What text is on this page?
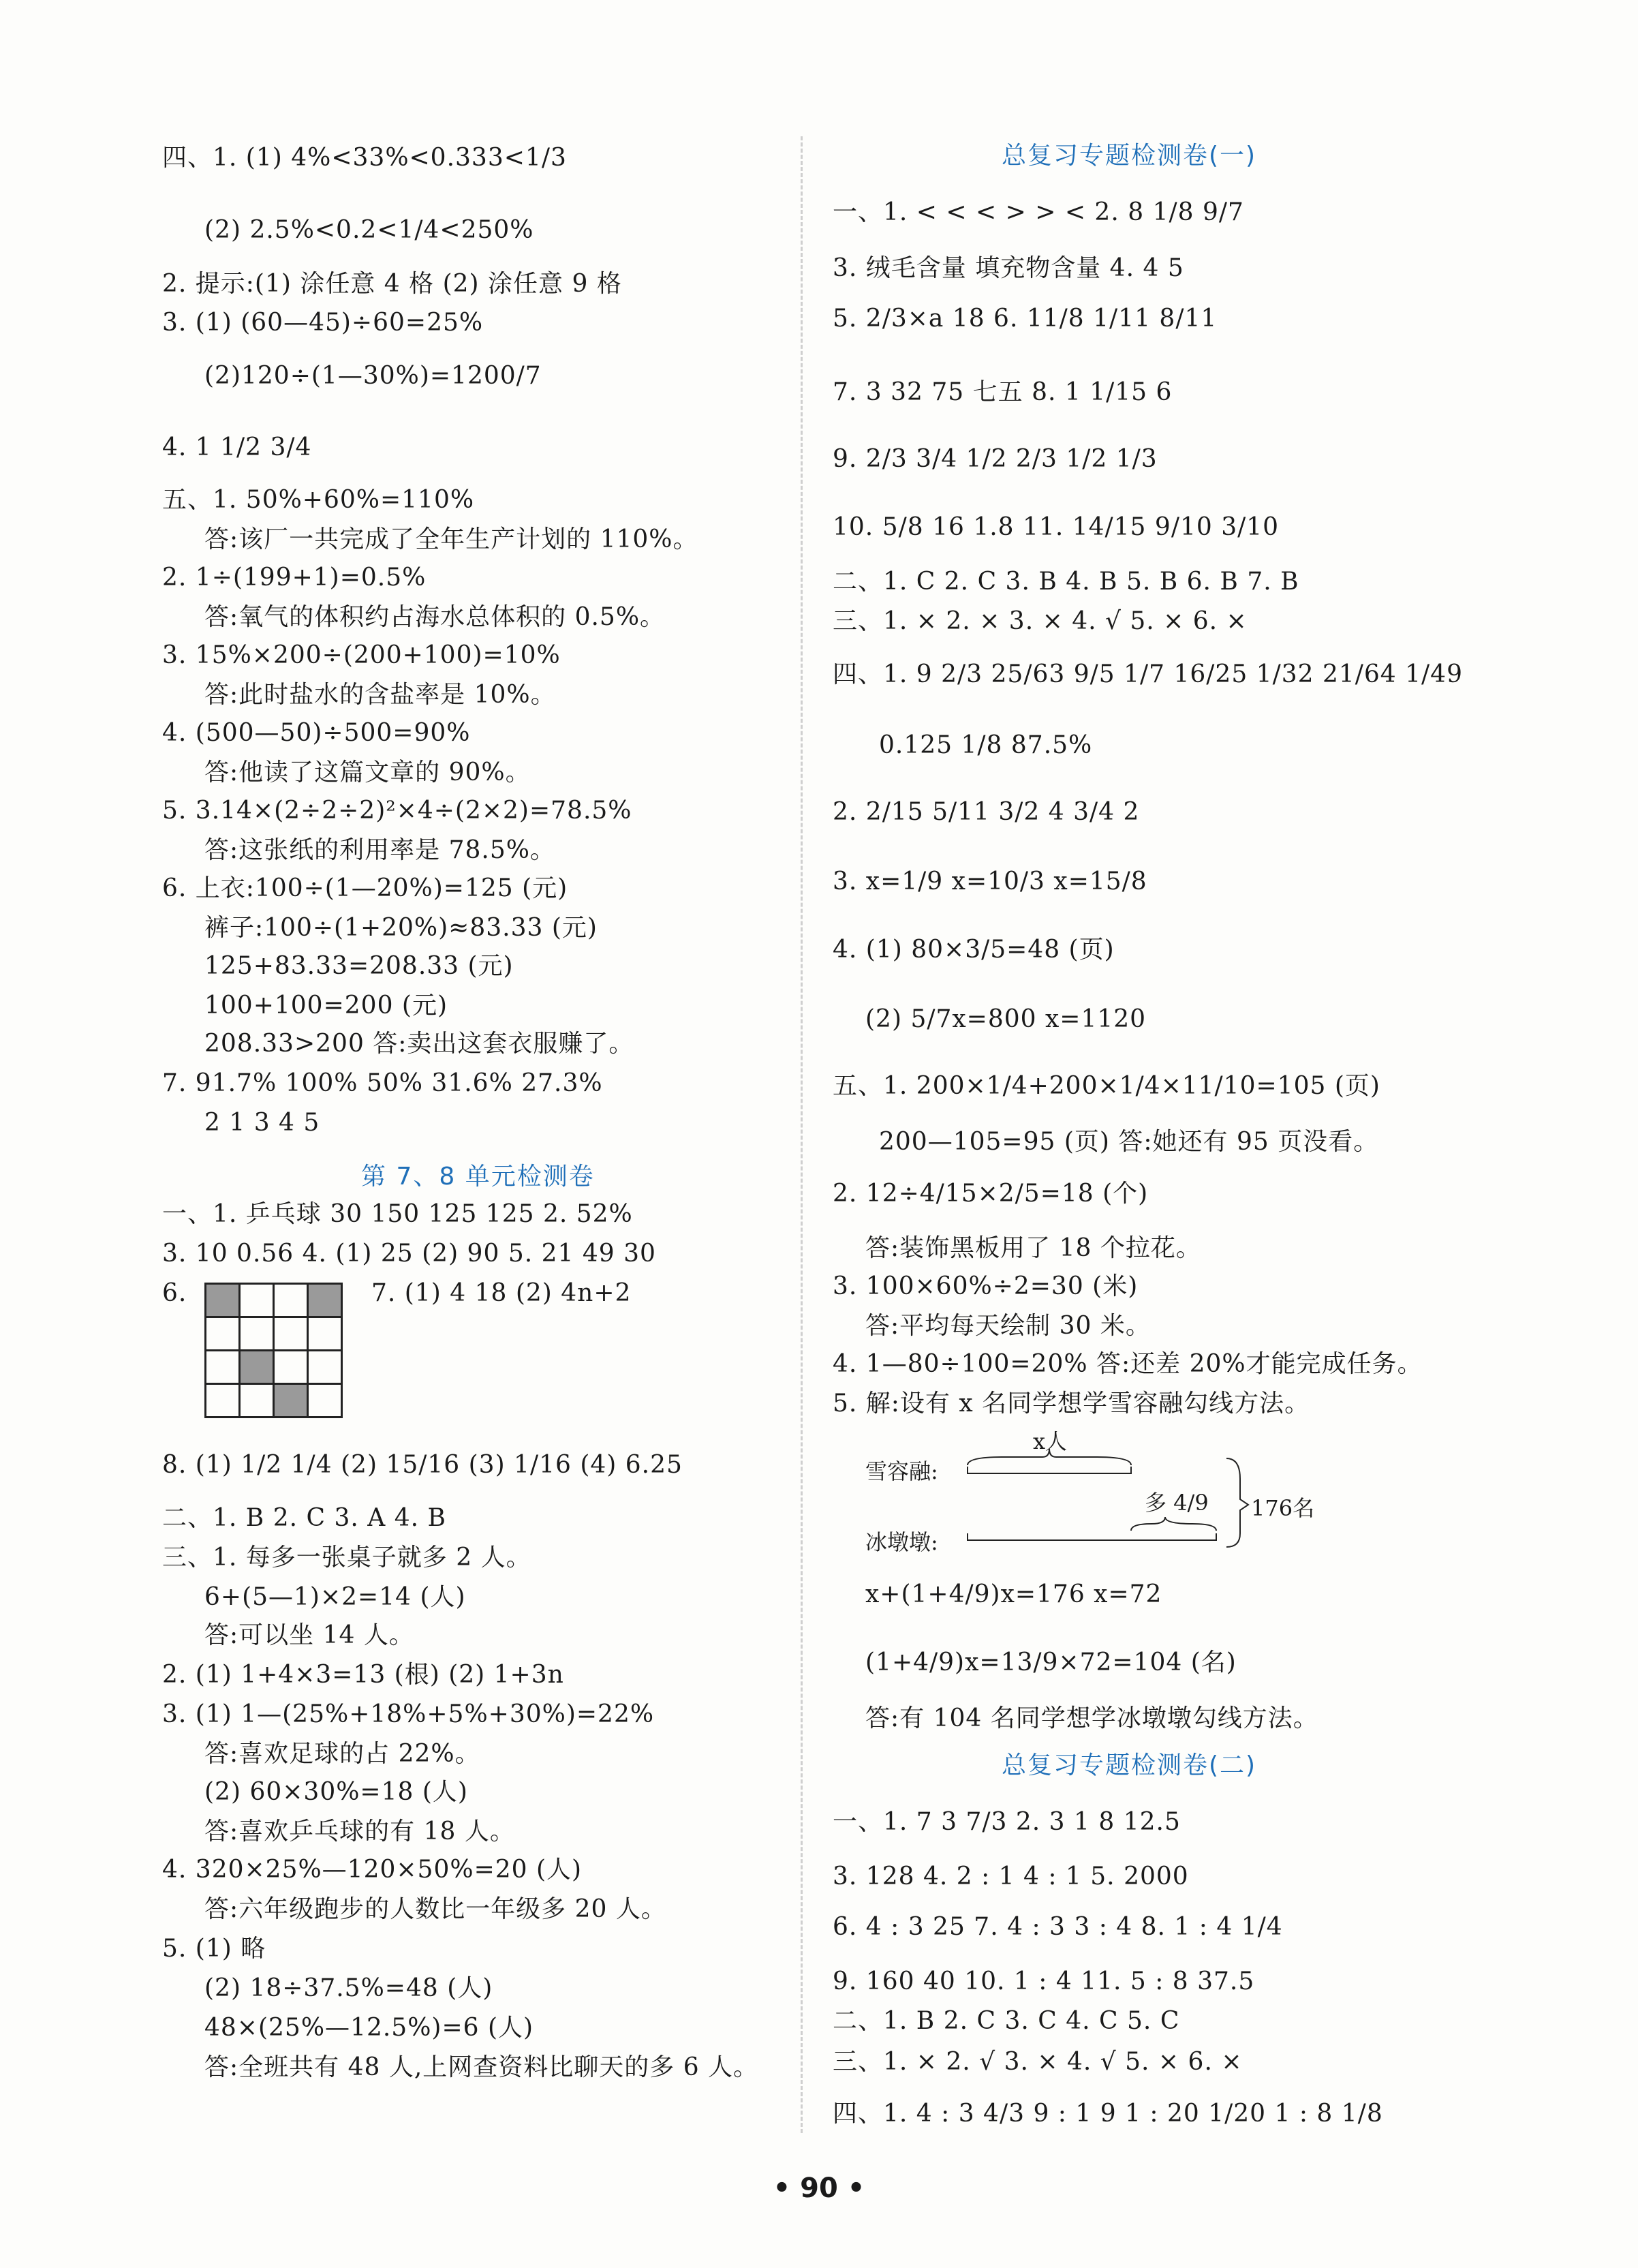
四、1. (1) 4%<33%<0.333<1/3
(2) 2.5%<0.2<1/4<250%
2. 提示:(1) 涂任意 4 格 (2) 涂任意 9 格
3. (1) (60—45)÷60=25%
(2)120÷(1—30%)=1200/7
4. 1 1/2 3/4
五、1. 50%+60%=110%
答:该厂一共完成了全年生产计划的 110%。
2. 1÷(199+1)=0.5%
答:氧气的体积约占海水总体积的 0.5%。
3. 15%×200÷(200+100)=10%
答:此时盐水的含盐率是 10%。
4. (500—50)÷500=90%
答:他读了这篇文章的 90%。
5. 3.14×(2÷2÷2)²×4÷(2×2)=78.5%
答:这张纸的利用率是 78.5%。
6. 上衣:100÷(1—20%)=125 (元)
裤子:100÷(1+20%)≈83.33 (元)
125+83.33=208.33 (元)
100+100=200 (元)
208.33>200 答:卖出这套衣服赚了。
7. 91.7% 100% 50% 31.6% 27.3%
2 1 3 4 5
一、1. 乒乓球 30 150 125 125 2. 52%
3. 10 0.56 4. (1) 25 (2) 90 5. 21 49 30
6.	7. (1) 4 18 (2) 4n+2
8. (1) 1/2 1/4 (2) 15/16 (3) 1/16 (4) 6.25
二、1. B 2. C 3. A 4. B
三、1. 每多一张桌子就多 2 人。
6+(5—1)×2=14 (人)
答:可以坐 14 人。
2. (1) 1+4×3=13 (根) (2) 1+3n
3. (1) 1—(25%+18%+5%+30%)=22%
答:喜欢足球的占 22%。
(2) 60×30%=18 (人)
答:喜欢乒乓球的有 18 人。
4. 320×25%—120×50%=20 (人)
答:六年级跑步的人数比一年级多 20 人。
5. (1) 略
(2) 18÷37.5%=48 (人)
48×(25%—12.5%)=6 (人)
答:全班共有 48 人,上网查资料比聊天的多 6 人。
一、1. < < < > > < 2. 8 1/8 9/7
3. 绒毛含量 填充物含量 4. 4 5
5. 2/3×a 18 6. 11/8 1/11 8/11
7. 3 32 75 七五 8. 1 1/15 6
9. 2/3 3/4 1/2 2/3 1/2 1/3
10. 5/8 16 1.8 11. 14/15 9/10 3/10
二、1. C 2. C 3. B 4. B 5. B 6. B 7. B
三、1. × 2. × 3. × 4. √ 5. × 6. ×
四、1. 9 2/3 25/63 9/5 1/7 16/25 1/32 21/64 1/49
0.125 1/8 87.5%
2. 2/15 5/11 3/2 4 3/4 2
3. x=1/9 x=10/3 x=15/8
4. (1) 80×3/5=48 (页)
(2) 5/7x=800 x=1120
五、1. 200×1/4+200×1/4×11/10=105 (页)
200—105=95 (页) 答:她还有 95 页没看。
2. 12÷4/15×2/5=18 (个)
答:装饰黑板用了 18 个拉花。
3. 100×60%÷2=30 (米)
答:平均每天绘制 30 米。
4. 1—80÷100=20% 答:还差 20%才能完成任务。
5. 解:设有 x 名同学想学雪容融勾线方法。
x+(1+4/9)x=176 x=72
(1+4/9)x=13/9×72=104 (名)
答:有 104 名同学想学冰墩墩勾线方法。
一、1. 7 3 7/3 2. 3 1 8 12.5
3. 128 4. 2 : 1 4 : 1 5. 2000
6. 4 : 3 25 7. 4 : 3 3 : 4 8. 1 : 4 1/4
9. 160 40 10. 1 : 4 11. 5 : 8 37.5
二、1. B 2. C 3. C 4. C 5. C
三、1. × 2. √ 3. × 4. √ 5. × 6. ×
四、1. 4 : 3 4/3 9 : 1 9 1 : 20 1/20 1 : 8 1/8
第 7、8 单元检测卷
总复习专题检测卷(一)
总复习专题检测卷(二)

x人
雪容融:
冰墩墩:
多 4/9 176名
• 90 •
